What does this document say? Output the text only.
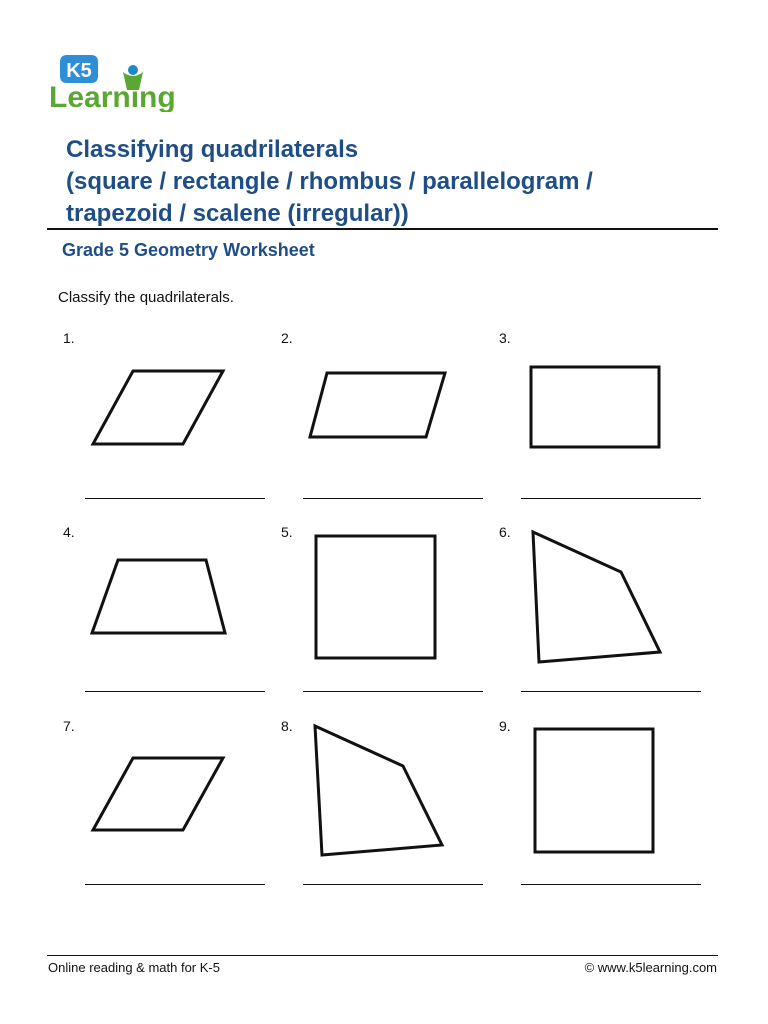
K5
Learning
Classifying quadrilaterals
(square / rectangle / rhombus / parallelogram /
trapezoid / scalene (irregular))
Grade 5 Geometry Worksheet

Classify the quadrilaterals.

1.	2.	3.
4.	5.	6.
7.	8.	9.
Online reading & math for K-5	© www.k5learning.com
